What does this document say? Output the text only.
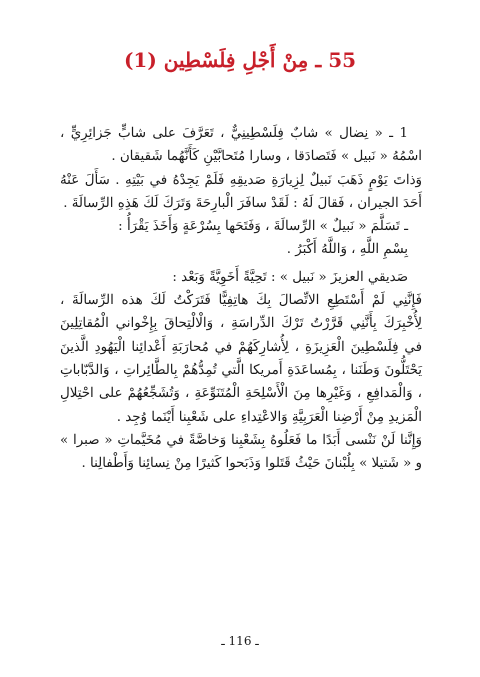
55 ـ مِنْ أَجْلِ فِلَسْطِين (1)

1 ـ « نِضال » شابٌ فِلَسْطِينِيٌّ ، تَعَرَّفَ على شابٍّ جَزائِرِيٍّ ، اسْمُهُ « نَبيل » فَتَصادَقا ، وسارا مُتَحابَّيْنِ كَأَنَّهُما شَقيقان .

وَذاتَ يَوْمٍ ذَهَبَ نَبيلٌ لِزِيارَةِ صَديقِهِ فَلَمْ يَجِدْهُ في بَيْتِهِ . سَأَلَ عَنْهُ أَحَدَ الجيران ، فَقالَ لَهُ : لَقَدْ سافَرَ الْبارِحَةَ وَتَرَكَ لَكَ هَذِهِ الرِّسالَةَ .

ـ تَسَلَّمَ « نَبيلٌ » الرِّسالَةَ ، وَفَتَحَها بِسُرْعَةٍ وَأَخَذَ يَقْرَأُ :

بِسْمِ اللَّهِ ، وَاللَّهُ أَكْبَرُ .

صَديقي العزيزَ « نَبيل » : تَحِيَّةً أَخَوِيَّةً وَبَعْد :

فَإِنَّنِي لَمْ أَسْتَطِعِ الاتِّصالَ بِكَ هاتِفِيًّا فَتَرَكْتُ لَكَ هذه الرِّسالَةَ ، لِأُخْبِرَكَ بِأَنَّنِي قَرَّرْتُ تَرْكَ الدِّراسَةِ ، وَالْالْتِحاقَ بِإِخْواني الْمُقاتِلِينَ في فِلَسْطِينَ الْعَزِيزَةِ ، لِأُشارِكَهُمْ في مُحارَبَةِ أَعْدائِنا الْيَهُودِ الَّذينَ يَحْتَلُّونَ وَطَنَنا ، بِمُساعَدَةِ أَمريكا الَّتي تُمِدُّهُمْ بِالطَّائِراتِ ، وَالدَّبّاباتِ ، وَالْمَدافِعِ ، وَغَيْرِها مِنَ الْأَسْلِحَةِ الْمُتَنَوِّعَةِ ، وَتُشَجِّعُهُمْ على احْتِلالِ الْمَزيدِ مِنْ أَرْضِنا الْعَرَبِيَّةِ وَالاعْتِداءِ على شَعْبِنا أَيْنَما وُجِد .

وَإِنَّنا لَنْ نَنْسى أَبَدًا ما فَعَلُوهُ بِشَعْبِنا وَخاصَّةً في مُخَيَّماتِ « صبرا » و « شَتيلا » بِلُبْنانَ حَيْثُ قَتَلوا وَذَبَحوا كَثيرًا مِنْ نِسائِنا وَأَطْفالِنا .

ـ 116 ـ
